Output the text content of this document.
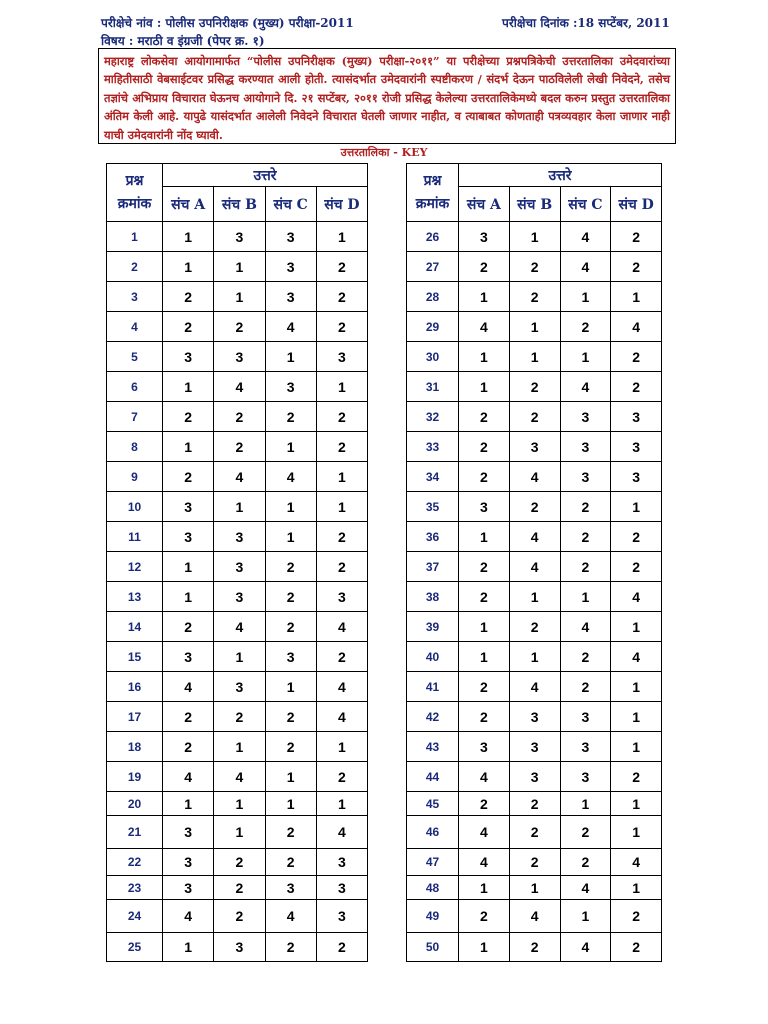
परीक्षेचे नांव : पोलीस उपनिरीक्षक (मुख्य) परीक्षा-2011	परीक्षेचा दिनांक :18 सप्टेंबर, 2011
विषय : मराठी व इंग्रजी (पेपर क्र. १)
महाराष्ट्र लोकसेवा आयोगामार्फत “पोलीस उपनिरीक्षक (मुख्य) परीक्षा-२०११” या परीक्षेच्या प्रश्नपत्रिकेची उत्तरतालिका उमेदवारांच्या माहितीसाठी वेबसाईटवर प्रसिद्ध करण्यात आली होती. त्यासंदर्भात उमेदवारांनी स्पष्टीकरण / संदर्भ देऊन पाठविलेली लेखी निवेदने, तसेच तज्ञांचे अभिप्राय विचारात घेऊनच आयोगाने दि. २१ सप्टेंबर, २०११ रोजी प्रसिद्ध केलेल्या उत्तरतालिकेमध्ये बदल करुन प्रस्तुत उत्तरतालिका अंतिम केली आहे. यापुढे यासंदर्भात आलेली निवेदने विचारात घेतली जाणार नाहीत, व त्याबाबत कोणताही पत्रव्यवहार केला जाणार नाही याची उमेदवारांनी नोंद घ्यावी.
उत्तरतालिका - KEY
प्रश्न क्रमांक	उत्तरे			
	संच A	संच B	संच C	संच D
1	1	3	3	1
2	1	1	3	2
3	2	1	3	2
4	2	2	4	2
5	3	3	1	3
6	1	4	3	1
7	2	2	2	2
8	1	2	1	2
9	2	4	4	1
10	3	1	1	1
11	3	3	1	2
12	1	3	2	2
13	1	3	2	3
14	2	4	2	4
15	3	1	3	2
16	4	3	1	4
17	2	2	2	4
18	2	1	2	1
19	4	4	1	2
20	1	1	1	1
21	3	1	2	4
22	3	2	2	3
23	3	2	3	3
24	4	2	4	3
25	1	3	2	2
प्रश्न क्रमांक	उत्तरे			
	संच A	संच B	संच C	संच D
26	3	1	4	2
27	2	2	4	2
28	1	2	1	1
29	4	1	2	4
30	1	1	1	2
31	1	2	4	2
32	2	2	3	3
33	2	3	3	3
34	2	4	3	3
35	3	2	2	1
36	1	4	2	2
37	2	4	2	2
38	2	1	1	4
39	1	2	4	1
40	1	1	2	4
41	2	4	2	1
42	2	3	3	1
43	3	3	3	1
44	4	3	3	2
45	2	2	1	1
46	4	2	2	1
47	4	2	2	4
48	1	1	4	1
49	2	4	1	2
50	1	2	4	2
